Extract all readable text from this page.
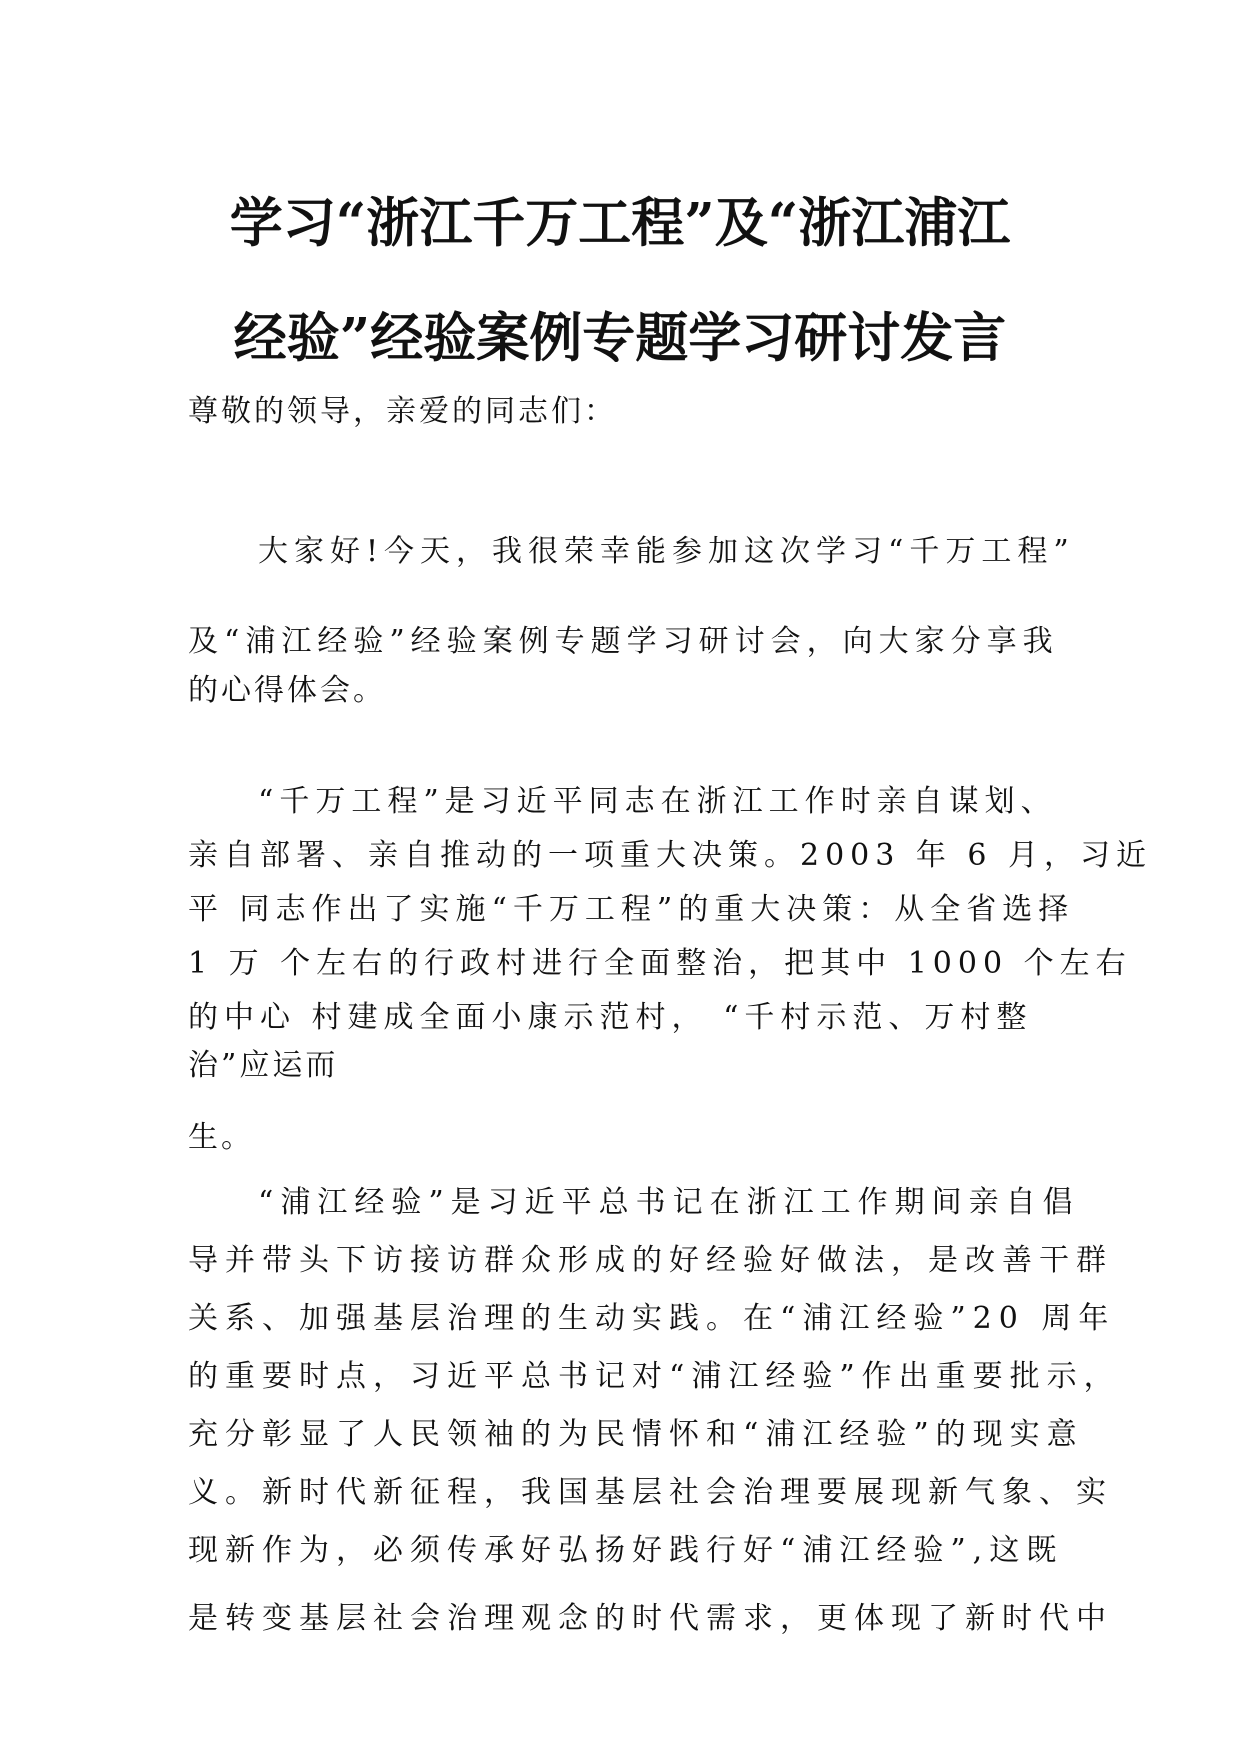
学习“浙江千万工程”及“浙江浦江
经验”经验案例专题学习研讨发言
尊敬的领导，亲爱的同志们：
大家好!今天，我很荣幸能参加这次学习“千万工程”
及“浦江经验”经验案例专题学习研讨会，向大家分享我
的心得体会。
“千万工程”是习近平同志在浙江工作时亲自谋划、
亲自部署、亲自推动的一项重大决策。2003 年 6 月，习近
平 同志作出了实施“千万工程”的重大决策：从全省选择
1 万 个左右的行政村进行全面整治，把其中 1000 个左右
的中心 村建成全面小康示范村， “千村示范、万村整
治”应运而
生。
“浦江经验”是习近平总书记在浙江工作期间亲自倡
导并带头下访接访群众形成的好经验好做法，是改善干群
关系、加强基层治理的生动实践。在“浦江经验”20 周年
的重要时点，习近平总书记对“浦江经验”作出重要批示，
充分彰显了人民领袖的为民情怀和“浦江经验”的现实意
义。新时代新征程，我国基层社会治理要展现新气象、实
现新作为，必须传承好弘扬好践行好“浦江经验”,这既
是转变基层社会治理观念的时代需求，更体现了新时代中
